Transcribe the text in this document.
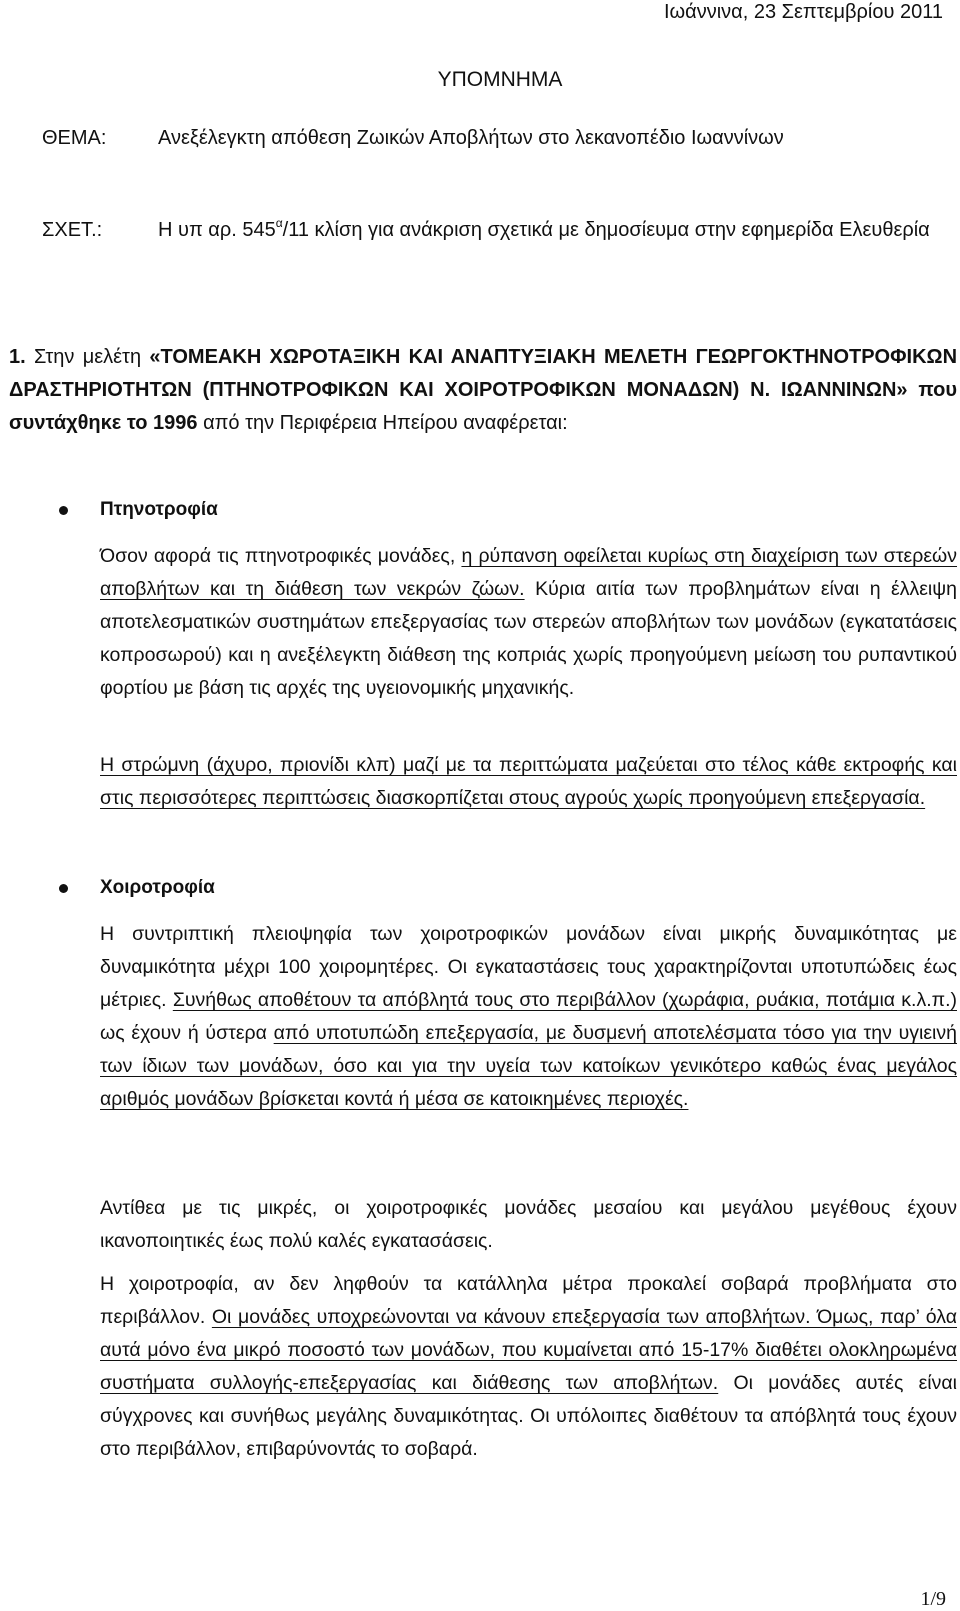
Ιωάννινα, 23 Σεπτεμβρίου 2011
ΥΠΟΜΝΗΜΑ
ΘΕΜΑ:	Ανεξέλεγκτη απόθεση Ζωικών Αποβλήτων στο λεκανοπέδιο Ιωαννίνων
ΣΧΕΤ.:	Η υπ αρ. $545^\alpha/11$ κλίση για ανάκριση σχετικά με δημοσίευμα στην εφημερίδα Ελευθερία
1. Στην μελέτη «ΤΟΜΕΑΚΗ ΧΩΡΟΤΑΞΙΚΗ ΚΑΙ ΑΝΑΠΤΥΞΙΑΚΗ ΜΕΛΕΤΗ ΓΕΩΡΓΟΚΤΗΝΟΤΡΟΦΙΚΩΝ ΔΡΑΣΤΗΡΙΟΤΗΤΩΝ (ΠΤΗΝΟΤΡΟΦΙΚΩΝ ΚΑΙ ΧΟΙΡΟΤΡΟΦΙΚΩΝ ΜΟΝΑΔΩΝ) Ν. ΙΩΑΝΝΙΝΩΝ» που συντάχθηκε το 1996 από την Περιφέρεια Ηπείρου αναφέρεται:
Πτηνοτροφία
Όσον αφορά τις πτηνοτροφικές μονάδες, η ρύπανση οφείλεται κυρίως στη διαχείριση των στερεών αποβλήτων και τη διάθεση των νεκρών ζώων. Κύρια αιτία των προβλημάτων είναι η έλλειψη αποτελεσματικών συστημάτων επεξεργασίας των στερεών αποβλήτων των μονάδων (εγκατατάσεις κοπροσωρού) και η ανεξέλεγκτη διάθεση της κοπριάς χωρίς προηγούμενη μείωση του ρυπαντικού φορτίου με βάση τις αρχές της υγειονομικής μηχανικής.
Η στρώμνη (άχυρο, πριονίδι κλπ) μαζί με τα περιττώματα μαζεύεται στο τέλος κάθε εκτροφής και στις περισσότερες περιπτώσεις διασκορπίζεται στους αγρούς χωρίς προηγούμενη επεξεργασία.
Χοιροτροφία
Η συντριπτική πλειοψηφία των χοιροτροφικών μονάδων είναι μικρής δυναμικότητας με δυναμικότητα μέχρι 100 χοιρομητέρες. Οι εγκαταστάσεις τους χαρακτηρίζονται υποτυπώδεις έως μέτριες. Συνήθως αποθέτουν τα απόβλητά τους στο περιβάλλον (χωράφια, ρυάκια, ποτάμια κ.λ.π.) ως έχουν ή ύστερα από υποτυπώδη επεξεργασία, με δυσμενή αποτελέσματα τόσο για την υγιεινή των ίδιων των μονάδων, όσο και για την υγεία των κατοίκων γενικότερο καθώς ένας μεγάλος αριθμός μονάδων βρίσκεται κοντά ή μέσα σε κατοικημένες περιοχές.
Αντίθεα με τις μικρές, οι χοιροτροφικές μονάδες μεσαίου και μεγάλου μεγέθους έχουν ικανοποιητικές έως πολύ καλές εγκατασάσεις.
Η χοιροτροφία, αν δεν ληφθούν τα κατάλληλα μέτρα προκαλεί σοβαρά προβλήματα στο περιβάλλον. Οι μονάδες υποχρεώνονται να κάνουν επεξεργασία των αποβλήτων. Όμως, παρ’ όλα αυτά μόνο ένα μικρό ποσοστό των μονάδων, που κυμαίνεται από 15-17% διαθέτει ολοκληρωμένα συστήματα συλλογής-επεξεργασίας και διάθεσης των αποβλήτων. Οι μονάδες αυτές είναι σύγχρονες και συνήθως μεγάλης δυναμικότητας. Οι υπόλοιπες διαθέτουν τα απόβλητά τους έχουν στο περιβάλλον, επιβαρύνοντάς το σοβαρά.
1/9
